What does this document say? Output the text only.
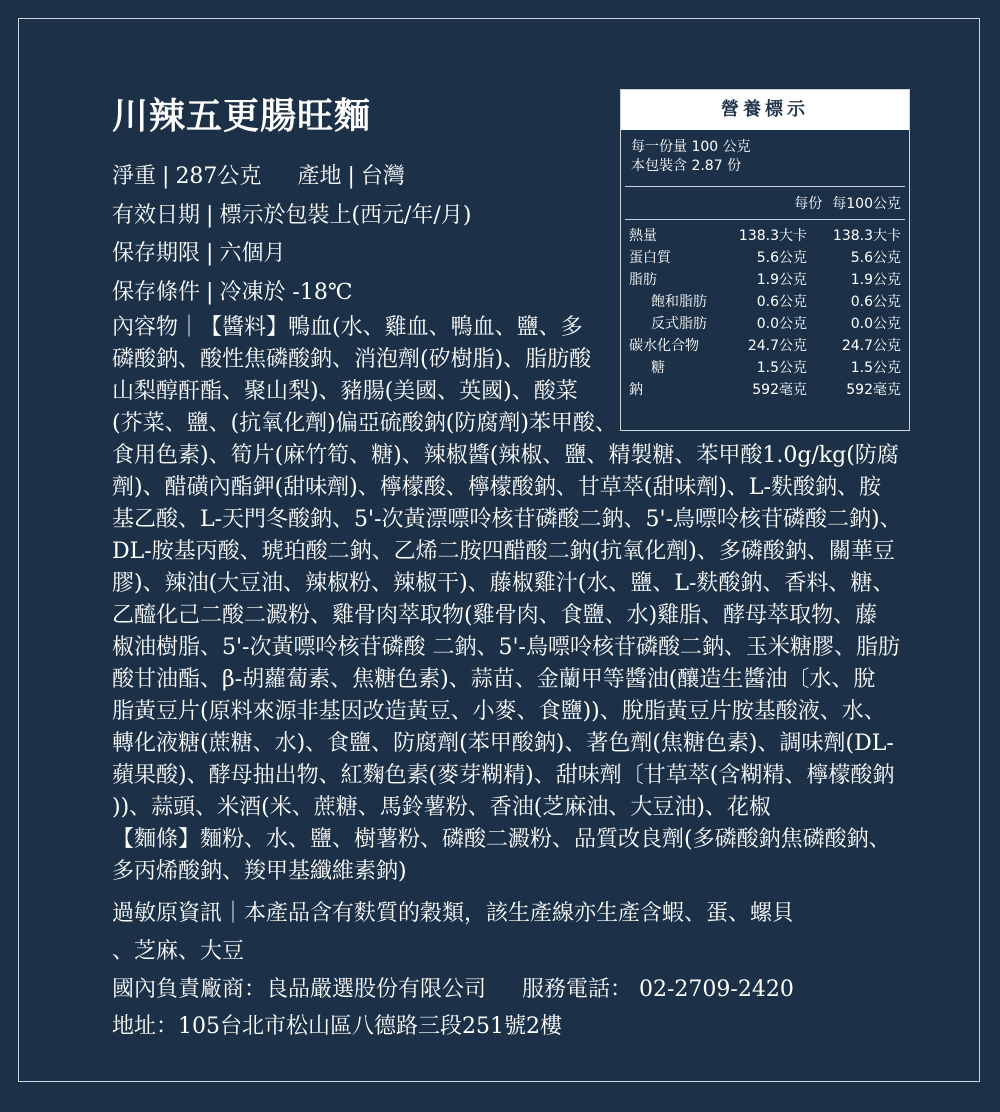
川辣五更腸旺麵
淨重 | 287公克 產地 | 台灣
有效日期 | 標示於包裝上(西元/年/月)
保存期限 | 六個月
保存條件 | 冷凍於 -18℃
內容物｜【醬料】鴨血(水、雞血、鴨血、鹽、多
磷酸鈉、酸性焦磷酸鈉、消泡劑(矽樹脂)、脂肪酸
山梨醇酐酯、聚山梨)、豬腸(美國、英國)、酸菜
(芥菜、鹽、(抗氧化劑)偏亞硫酸鈉(防腐劑)苯甲酸、
食用色素)、筍片(麻竹筍、糖)、辣椒醬(辣椒、鹽、精製糖、苯甲酸1.0g/kg(防腐
劑)、醋磺內酯鉀(甜味劑)、檸檬酸、檸檬酸鈉、甘草萃(甜味劑)、L-麩酸鈉、胺
基乙酸、L-天門冬酸鈉、5'-次黃漂嘌呤核苷磷酸二鈉、5'-鳥嘌呤核苷磷酸二鈉)、
DL-胺基丙酸、琥珀酸二鈉、乙烯二胺四醋酸二鈉(抗氧化劑)、多磷酸鈉、關華豆
膠)、辣油(大豆油、辣椒粉、辣椒干)、藤椒雞汁(水、鹽、L-麩酸鈉、香料、糖、
乙醯化己二酸二澱粉、雞骨肉萃取物(雞骨肉、食鹽、水)雞脂、酵母萃取物、藤
椒油樹脂、5'-次黃嘌呤核苷磷酸 二鈉、5'-鳥嘌呤核苷磷酸二鈉、玉米糖膠、脂肪
酸甘油酯、β-胡蘿蔔素、焦糖色素)、蒜苗、金蘭甲等醬油(釀造生醬油〔水、脫
脂黃豆片(原料來源非基因改造黃豆、小麥、食鹽))、脫脂黃豆片胺基酸液、水、
轉化液糖(蔗糖、水)、食鹽、防腐劑(苯甲酸鈉)、著色劑(焦糖色素)、調味劑(DL-
蘋果酸)、酵母抽出物、紅麴色素(麥芽糊精)、甜味劑〔甘草萃(含糊精、檸檬酸鈉
))、蒜頭、米酒(米、蔗糖、馬鈴薯粉、香油(芝麻油、大豆油)、花椒
【麵條】麵粉、水、鹽、樹薯粉、磷酸二澱粉、品質改良劑(多磷酸鈉焦磷酸鈉、
多丙烯酸鈉、羧甲基纖維素鈉)
過敏原資訊｜本產品含有麩質的穀類，該生產線亦生產含蝦、蛋、螺貝
、芝麻、大豆
國內負責廠商：良品嚴選股份有限公司 服務電話： 02-2709-2420
地址：105台北市松山區八德路三段251號2樓
營養標示
每一份量 100 公克
本包裝含 2.87 份
每份 每100公克
熱量	138.3大卡	138.3大卡
蛋白質	5.6公克	5.6公克
脂肪	1.9公克	1.9公克
飽和脂肪	0.6公克	0.6公克
反式脂肪	0.0公克	0.0公克
碳水化合物	24.7公克	24.7公克
糖	1.5公克	1.5公克
鈉	592毫克	592毫克
